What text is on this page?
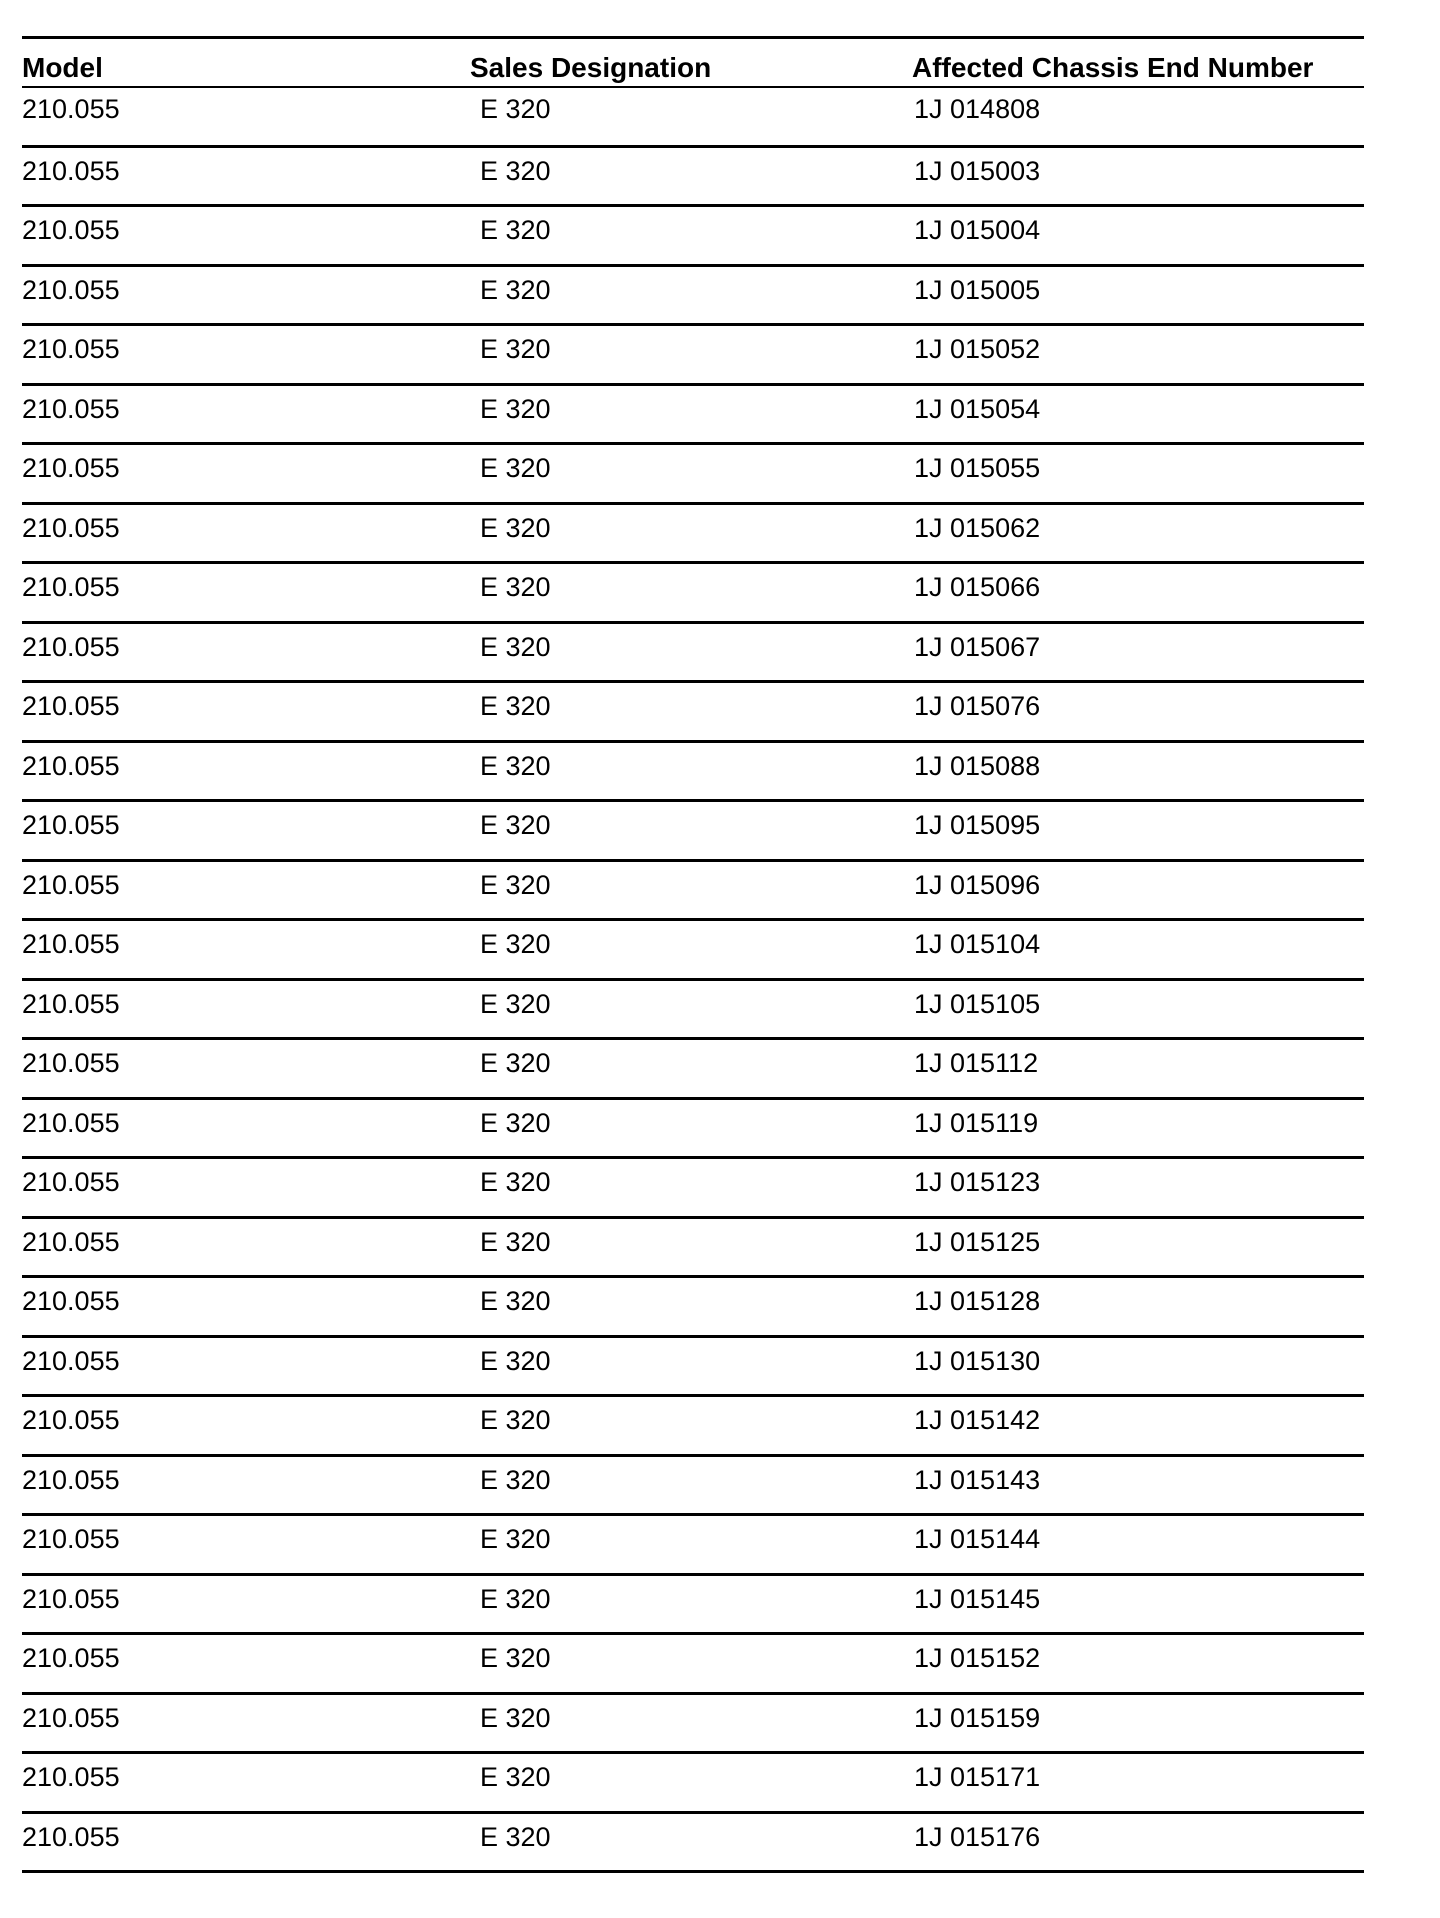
Model	Sales Designation	Affected Chassis End Number
210.055	E 320	1J 014808
210.055	E 320	1J 015003
210.055	E 320	1J 015004
210.055	E 320	1J 015005
210.055	E 320	1J 015052
210.055	E 320	1J 015054
210.055	E 320	1J 015055
210.055	E 320	1J 015062
210.055	E 320	1J 015066
210.055	E 320	1J 015067
210.055	E 320	1J 015076
210.055	E 320	1J 015088
210.055	E 320	1J 015095
210.055	E 320	1J 015096
210.055	E 320	1J 015104
210.055	E 320	1J 015105
210.055	E 320	1J 015112
210.055	E 320	1J 015119
210.055	E 320	1J 015123
210.055	E 320	1J 015125
210.055	E 320	1J 015128
210.055	E 320	1J 015130
210.055	E 320	1J 015142
210.055	E 320	1J 015143
210.055	E 320	1J 015144
210.055	E 320	1J 015145
210.055	E 320	1J 015152
210.055	E 320	1J 015159
210.055	E 320	1J 015171
210.055	E 320	1J 015176
